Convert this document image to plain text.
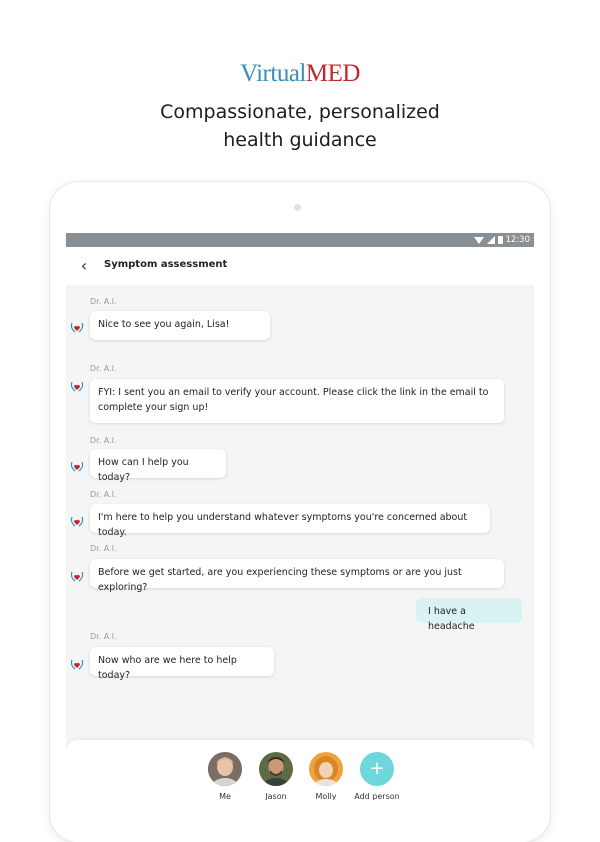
VirtualMED
Compassionate, personalized
health guidance
12:30
‹	Symptom assessment
Dr. A.I.
Nice to see you again, Lisa!
Dr. A.I.
FYI: I sent you an email to verify your account. Please click the link in the email to complete your sign up!
Dr. A.I.
How can I help you today?
Dr. A.I.
I'm here to help you understand whatever symptoms you're concerned about today.
Dr. A.I.
Before we get started, are you experiencing these symptoms or are you just exploring?
I have a headache
Dr. A.I.
Now who are we here to help today?
Me	Jason	Molly
+
Add person
